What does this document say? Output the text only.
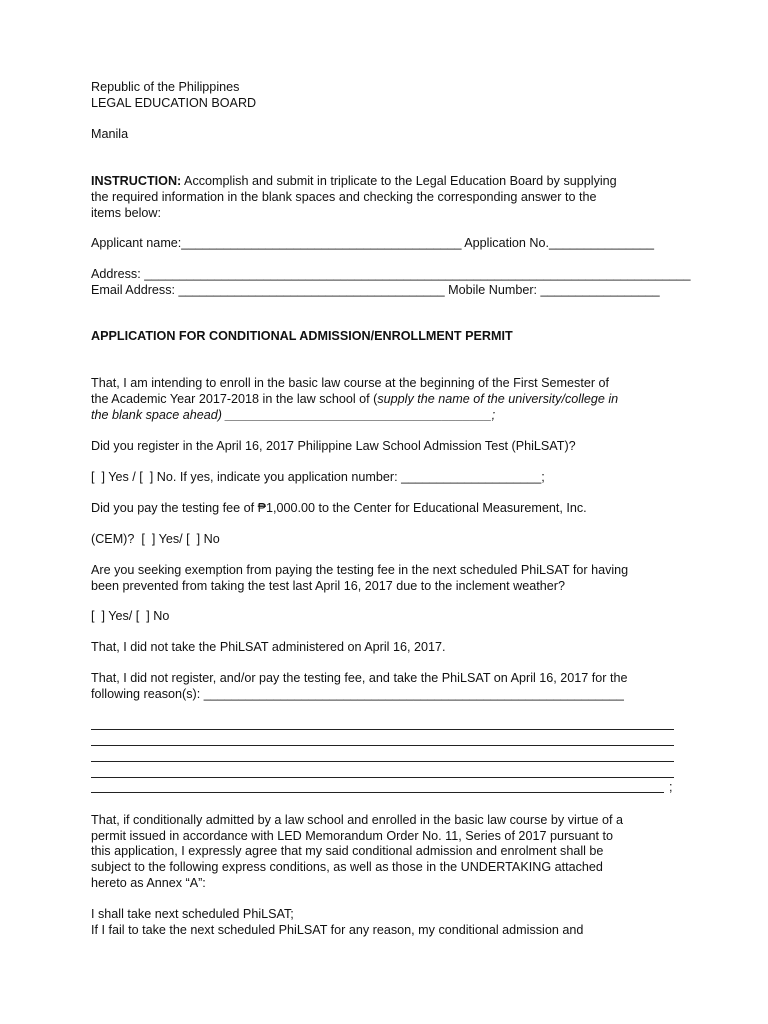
Republic of the Philippines
LEGAL EDUCATION BOARD
Manila
INSTRUCTION: Accomplish and submit in triplicate to the Legal Education Board by supplying
the required information in the blank spaces and checking the corresponding answer to the
items below:
Applicant name:________________________________________ Application No._______________
Address: ______________________________________________________________________________
Email Address: ______________________________________ Mobile Number: _________________
APPLICATION FOR CONDITIONAL ADMISSION/ENROLLMENT PERMIT
That, I am intending to enroll in the basic law course at the beginning of the First Semester of
the Academic Year 2017-2018 in the law school of (supply the name of the university/college in
the blank space ahead) ______________________________________;
Did you register in the April 16, 2017 Philippine Law School Admission Test (PhiLSAT)?
[  ] Yes / [  ] No. If yes, indicate you application number: ____________________;
Did you pay the testing fee of ₱1,000.00 to the Center for Educational Measurement, Inc.
(CEM)?  [  ] Yes/ [  ] No
Are you seeking exemption from paying the testing fee in the next scheduled PhiLSAT for having
been prevented from taking the test last April 16, 2017 due to the inclement weather?
[  ] Yes/ [  ] No
That, I did not take the PhiLSAT administered on April 16, 2017.
That, I did not register, and/or pay the testing fee, and take the PhiLSAT on April 16, 2017 for the
following reason(s): ____________________________________________________________
;
That, if conditionally admitted by a law school and enrolled in the basic law course by virtue of a
permit issued in accordance with LED Memorandum Order No. 11, Series of 2017 pursuant to
this application, I expressly agree that my said conditional admission and enrolment shall be
subject to the following express conditions, as well as those in the UNDERTAKING attached
hereto as Annex “A”:
I shall take next scheduled PhiLSAT;
If I fail to take the next scheduled PhiLSAT for any reason, my conditional admission and
